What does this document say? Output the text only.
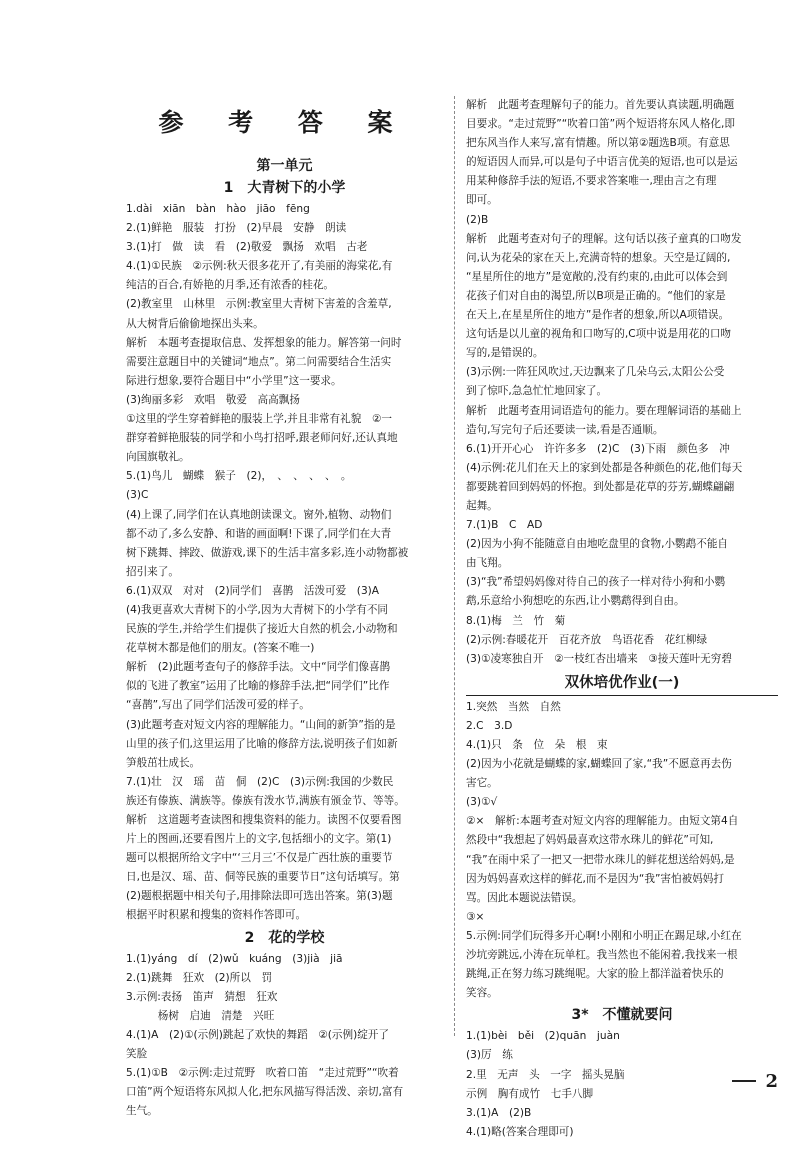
参 考 答 案
第一单元
1　大青树下的小学
1.dài　xiān　bàn　hào　jiāo　fēng
2.(1)鲜艳　服装　打扮　(2)早晨　安静　朗读
3.(1)打　做　读　看　(2)敬爱　飘扬　欢唱　古老
4.(1)①民族　②示例:秋天很多花开了,有美丽的海棠花,有
纯洁的百合,有娇艳的月季,还有浓香的桂花。
(2)教室里　山林里　示例:教室里大青树下害羞的含羞草,
从大树背后偷偷地探出头来。
解析　本题考查提取信息、发挥想象的能力。解答第一问时
需要注意题目中的关键词“地点”。第二问需要结合生活实
际进行想象,要符合题目中“小学里”这一要求。
(3)绚丽多彩　欢唱　敬爱　高高飘扬
①这里的学生穿着鲜艳的服装上学,并且非常有礼貌　②一
群穿着鲜艳服装的同学和小鸟打招呼,跟老师问好,还认真地
向国旗敬礼。
5.(1)鸟儿　蝴蝶　猴子　(2)，　、　、　、　、　。
(3)C
(4)上课了,同学们在认真地朗读课文。窗外,植物、动物们
都不动了,多么安静、和谐的画面啊!下课了,同学们在大青
树下跳舞、摔跤、做游戏,课下的生活丰富多彩,连小动物都被
招引来了。
6.(1)双双　对对　(2)同学们　喜鹊　活泼可爱　(3)A
(4)我更喜欢大青树下的小学,因为大青树下的小学有不同
民族的学生,并给学生们提供了接近大自然的机会,小动物和
花草树木都是他们的朋友。(答案不唯一)
解析　(2)此题考查句子的修辞手法。文中“同学们像喜鹊
似的飞进了教室”运用了比喻的修辞手法,把“同学们”比作
“喜鹊”,写出了同学们活泼可爱的样子。
(3)此题考查对短文内容的理解能力。“山间的新笋”指的是
山里的孩子们,这里运用了比喻的修辞方法,说明孩子们如新
笋般茁壮成长。
7.(1)壮　汉　瑶　苗　侗　(2)C　(3)示例:我国的少数民
族还有傣族、满族等。傣族有泼水节,满族有颁金节、等等。
解析　这道题考查读图和搜集资料的能力。读图不仅要看图
片上的图画,还要看图片上的文字,包括细小的文字。第(1)
题可以根据所给文字中“‘三月三’不仅是广西壮族的重要节
日,也是汉、瑶、苗、侗等民族的重要节日”这句话填写。第
(2)题根据题中相关句子,用排除法即可选出答案。第(3)题
根据平时积累和搜集的资料作答即可。
2　花的学校
1.(1)yáng　dí　(2)wǔ　kuáng　(3)jià　jiā
2.(1)跳舞　狂欢　(2)所以　罚
3.示例:表扬　笛声　猜想　狂欢
　　　杨树　启迪　清楚　兴旺
4.(1)A　(2)①(示例)跳起了欢快的舞蹈　②(示例)绽开了
笑脸
5.(1)①B　②示例:走过荒野　吹着口笛　“走过荒野”“吹着
口笛”两个短语将东风拟人化,把东风描写得活泼、亲切,富有
生气。
解析　此题考查理解句子的能力。首先要认真读题,明确题
目要求。“走过荒野”“吹着口笛”两个短语将东风人格化,即
把东风当作人来写,富有情趣。所以第②题选B项。有意思
的短语因人而异,可以是句子中语言优美的短语,也可以是运
用某种修辞手法的短语,不要求答案唯一,理由言之有理
即可。
(2)B
解析　此题考查对句子的理解。这句话以孩子童真的口吻发
问,认为花朵的家在天上,充满奇特的想象。天空是辽阔的,
“星星所住的地方”是宽敞的,没有约束的,由此可以体会到
花孩子们对自由的渴望,所以B项是正确的。“他们的家是
在天上,在星星所住的地方”是作者的想象,所以A项错误。
这句话是以儿童的视角和口吻写的,C项中说是用花的口吻
写的,是错误的。
(3)示例:一阵狂风吹过,天边飘来了几朵乌云,太阳公公受
到了惊吓,急急忙忙地回家了。
解析　此题考查用词语造句的能力。要在理解词语的基础上
造句,写完句子后还要读一读,看是否通顺。
6.(1)开开心心　许许多多　(2)C　(3)下雨　颜色多　冲
(4)示例:花儿们在天上的家到处都是各种颜色的花,他们每天
都要跳着回到妈妈的怀抱。到处都是花草的芬芳,蝴蝶翩翩
起舞。
7.(1)B　C　AD
(2)因为小狗不能随意自由地吃盘里的食物,小鹦鹉不能自
由飞翔。
(3)“我”希望妈妈像对待自己的孩子一样对待小狗和小鹦
鹉,乐意给小狗想吃的东西,让小鹦鹉得到自由。
8.(1)梅　兰　竹　菊
(2)示例:春暖花开　百花齐放　鸟语花香　花红柳绿
(3)①凌寒独自开　②一枝红杏出墙来　③接天莲叶无穷碧
双休培优作业(一)
1.突然　当然　自然
2.C　3.D
4.(1)只　条　位　朵　根　束
(2)因为小花就是蝴蝶的家,蝴蝶回了家,“我”不愿意再去伤
害它。
(3)①√
②×　解析:本题考查对短文内容的理解能力。由短文第4自
然段中“我想起了妈妈最喜欢这带水珠儿的鲜花”可知,
“我”在雨中采了一把又一把带水珠儿的鲜花想送给妈妈,是
因为妈妈喜欢这样的鲜花,而不是因为“我”害怕被妈妈打
骂。因此本题说法错误。
③×
5.示例:同学们玩得多开心啊!小刚和小明正在踢足球,小红在
沙坑旁跳远,小涛在玩单杠。我当然也不能闲着,我找来一根
跳绳,正在努力练习跳绳呢。大家的脸上都洋溢着快乐的
笑容。
3*　不懂就要问
1.(1)bèi　běi　(2)quān　juàn
(3)厉　练
2.里　无声　头　一字　摇头晃脑
示例　胸有成竹　七手八脚
3.(1)A　(2)B
4.(1)略(答案合理即可)
2
